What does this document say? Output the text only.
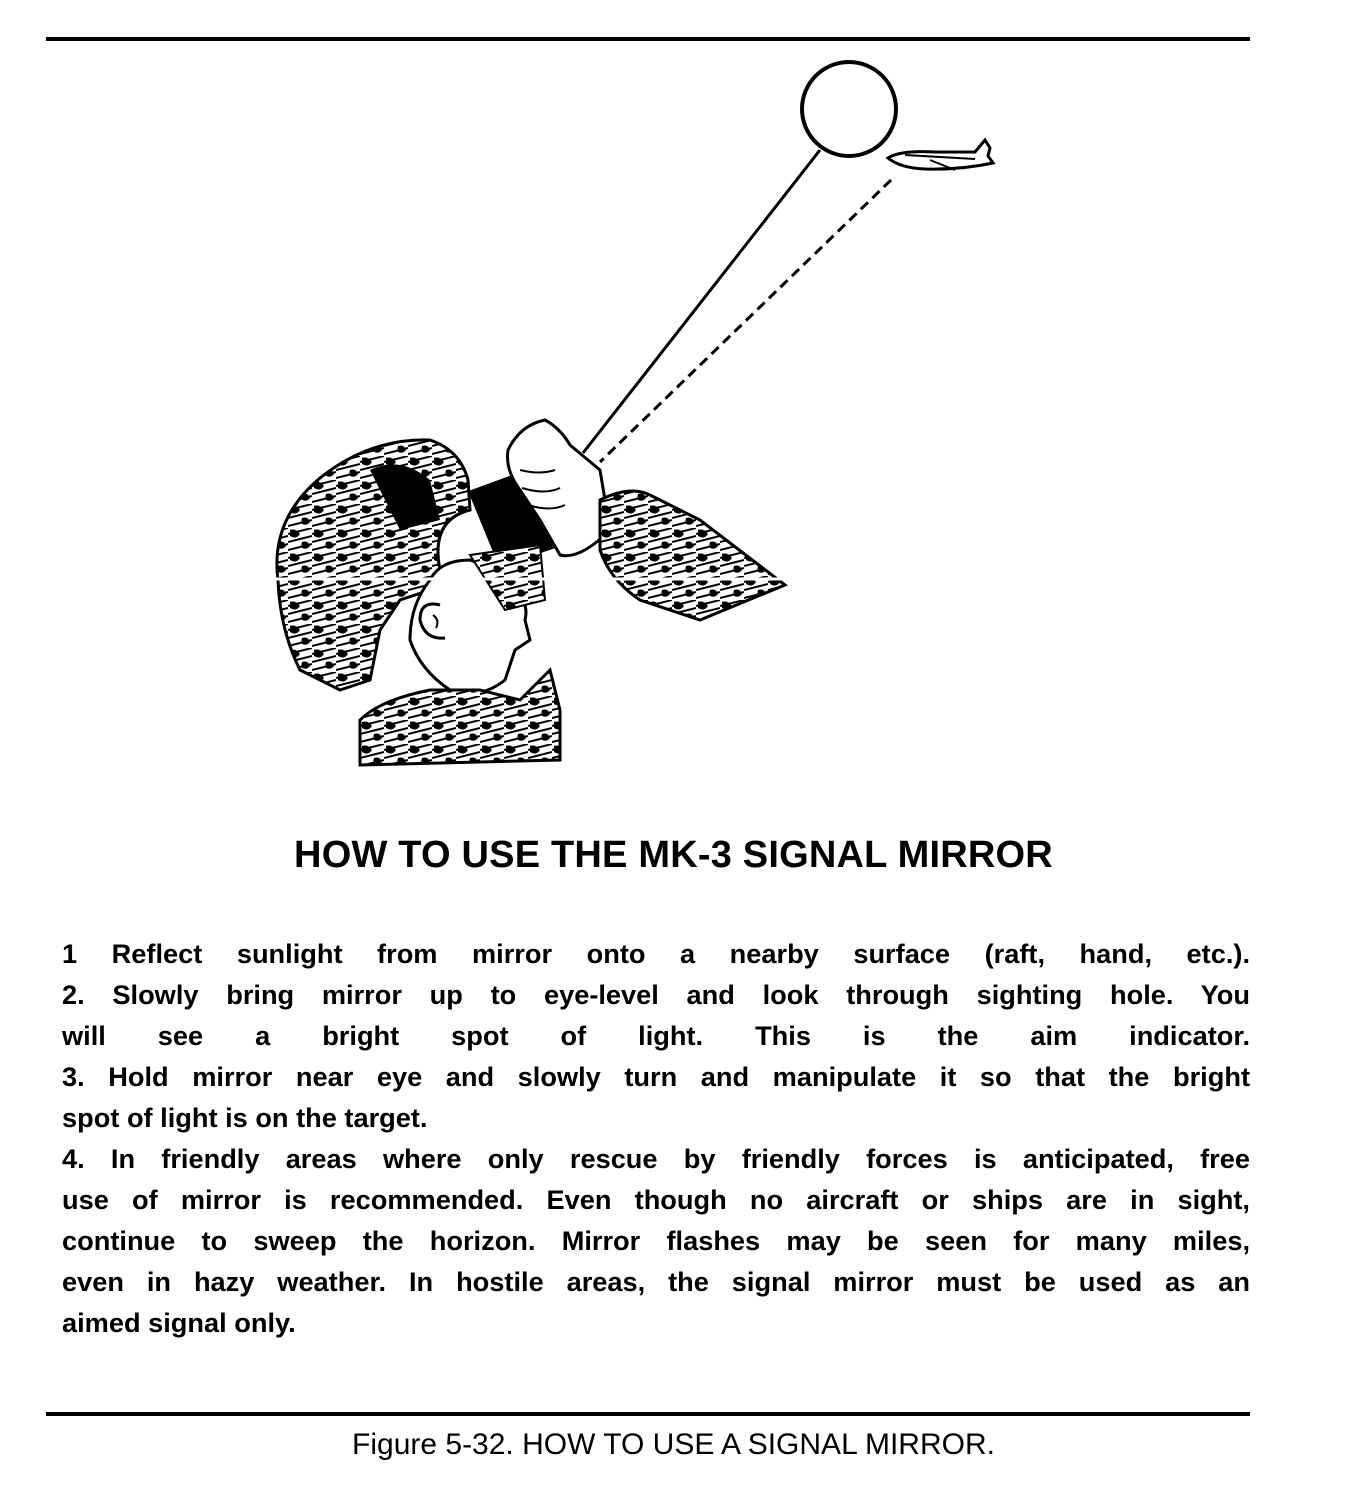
HOW TO USE THE MK-3 SIGNAL MIRROR
1 Reflect sunlight from mirror onto a nearby surface (raft, hand, etc.).
2. Slowly bring mirror up to eye-level and look through sighting hole. You
will see a bright spot of light. This is the aim indicator.
3. Hold mirror near eye and slowly turn and manipulate it so that the bright
spot of light is on the target.
4. In friendly areas where only rescue by friendly forces is anticipated, free
use of mirror is recommended. Even though no aircraft or ships are in sight,
continue to sweep the horizon. Mirror flashes may be seen for many miles,
even in hazy weather. In hostile areas, the signal mirror must be used as an
aimed signal only.
Figure 5-32. HOW TO USE A SIGNAL MIRROR.
